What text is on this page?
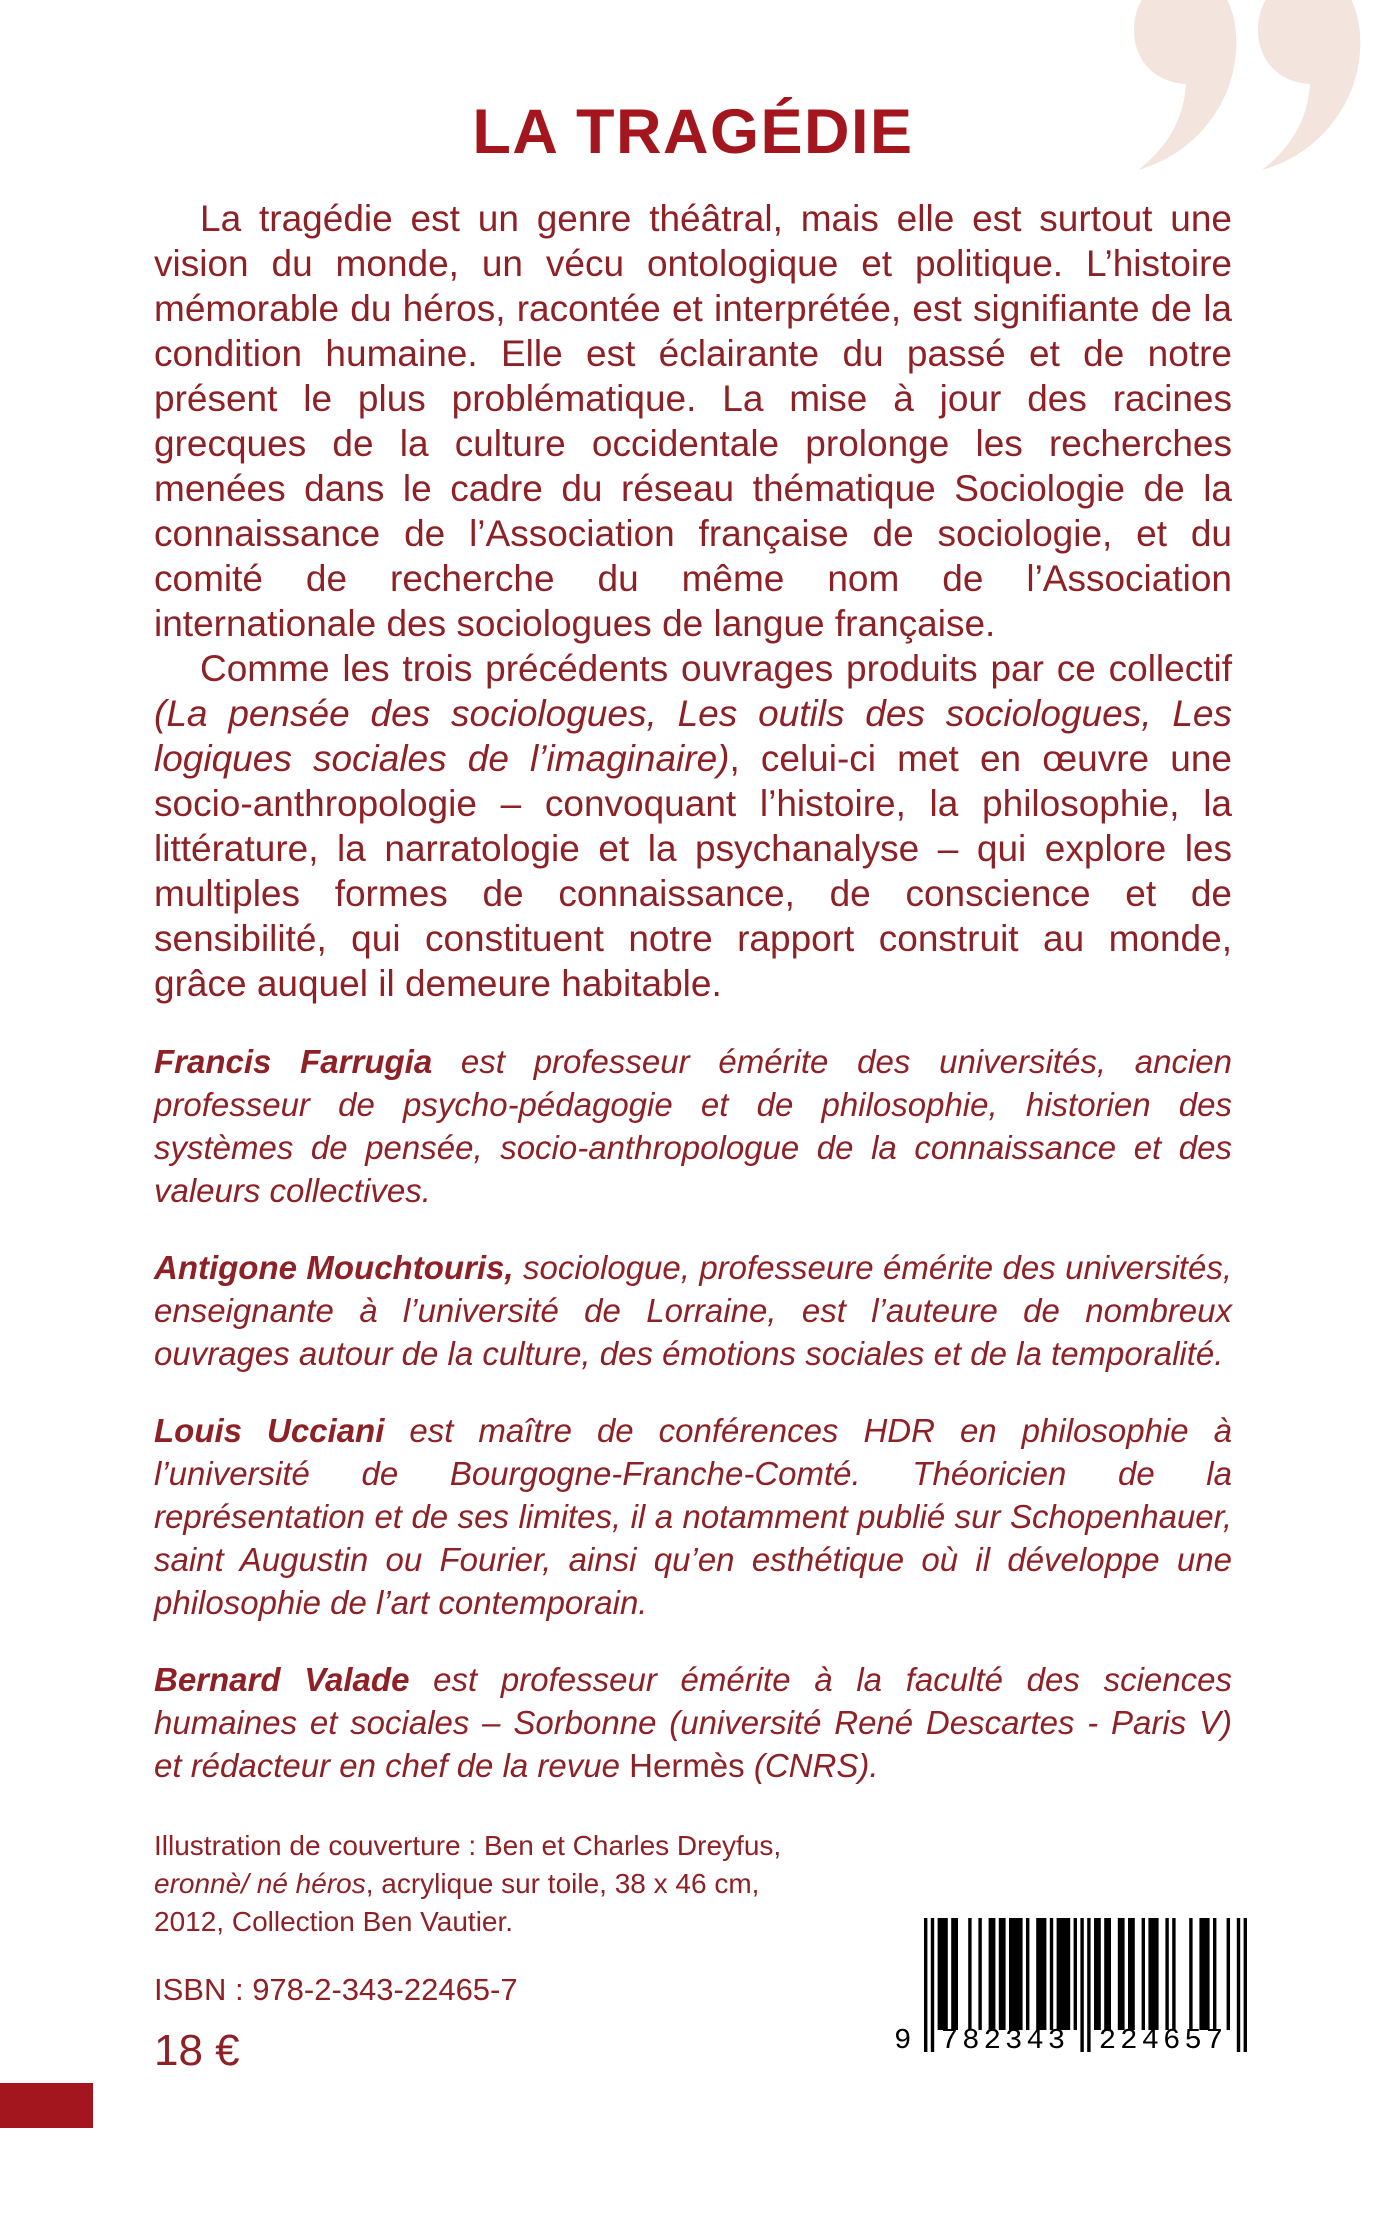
LA TRAGÉDIE

La tragédie est un genre théâtral, mais elle est surtout une vision du monde, un vécu ontologique et politique. L’histoire mémorable du héros, racontée et interprétée, est signifiante de la condition humaine. Elle est éclairante du passé et de notre présent le plus problématique. La mise à jour des racines grecques de la culture occidentale prolonge les recherches menées dans le cadre du réseau thématique Sociologie de la connaissance de l’Association française de sociologie, et du comité de recherche du même nom de l’Association internationale des sociologues de langue française.

Comme les trois précédents ouvrages produits par ce collectif (La pensée des sociologues, Les outils des sociologues, Les logiques sociales de l’imaginaire), celui-ci met en œuvre une socio-anthropologie – convoquant l’histoire, la philosophie, la littérature, la narratologie et la psychanalyse – qui explore les multiples formes de connaissance, de conscience et de sensibilité, qui constituent notre rapport construit au monde, grâce auquel il demeure habitable.

Francis Farrugia est professeur émérite des universités, ancien professeur de psycho-pédagogie et de philosophie, historien des systèmes de pensée, socio-anthropologue de la connaissance et des valeurs collectives.

Antigone Mouchtouris, sociologue, professeure émérite des universités, enseignante à l’université de Lorraine, est l’auteure de nombreux ouvrages autour de la culture, des émotions sociales et de la temporalité.

Louis Ucciani est maître de conférences HDR en philosophie à l’université de Bourgogne-Franche-Comté. Théoricien de la représentation et de ses limites, il a notamment publié sur Schopenhauer, saint Augustin ou Fourier, ainsi qu’en esthétique où il développe une philosophie de l’art contemporain.

Bernard Valade est professeur émérite à la faculté des sciences humaines et sociales – Sorbonne (université René Descartes - Paris V) et rédacteur en chef de la revue Hermès (CNRS).

Illustration de couverture : Ben et Charles Dreyfus,
eronnè/ né héros, acrylique sur toile, 38 x 46 cm,
2012, Collection Ben Vautier.
ISBN : 978-2-343-22465-7
18 €	9 782343 224657
